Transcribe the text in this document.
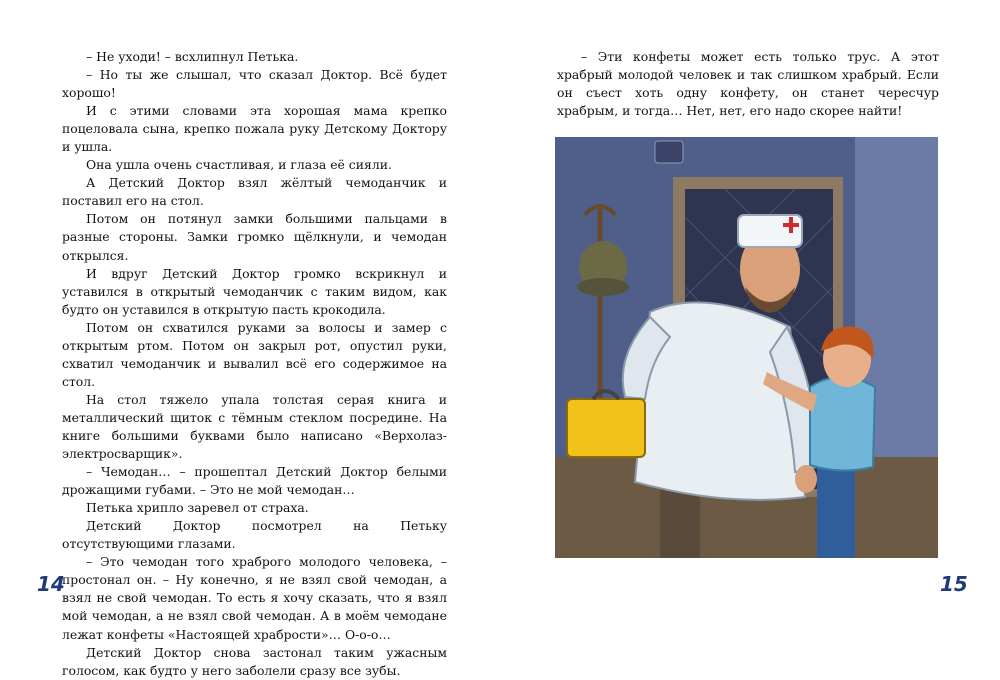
– Не уходи! – всхлипнул Петька.

– Но ты же слышал, что сказал Доктор. Всё будет хорошо!

И с этими словами эта хорошая мама крепко поцеловала сына, крепко пожала руку Детскому Доктору и ушла.

Она ушла очень счастливая, и глаза её сияли.

А Детский Доктор взял жёлтый чемоданчик и поставил его на стол.

Потом он потянул замки большими пальцами в разные стороны. Замки громко щёлкнули, и чемодан открылся.

И вдруг Детский Доктор громко вскрикнул и уставился в открытый чемоданчик с таким видом, как будто он уставился в открытую пасть крокодила.

Потом он схватился руками за волосы и замер с открытым ртом. Потом он закрыл рот, опустил руки, схватил чемоданчик и вывалил всё его содержимое на стол.

На стол тяжело упала толстая серая книга и металлический щиток с тёмным стеклом посредине. На книге большими буквами было написано «Верхолаз-электросварщик».

– Чемодан… – прошептал Детский Доктор белыми дрожащими губами. – Это не мой чемодан…

Петька хрипло заревел от страха.

Детский Доктор посмотрел на Петьку отсутствующими глазами.

– Это чемодан того храброго молодого человека, – простонал он. – Ну конечно, я не взял свой чемодан, а взял не свой чемодан. То есть я хочу сказать, что я взял мой чемодан, а не взял свой чемодан. А в моём чемодане лежат конфеты «Настоящей храбрости»… О-о-о…

Детский Доктор снова застонал таким ужасным голосом, как будто у него заболели сразу все зубы.

14

– Эти конфеты может есть только трус. А этот храбрый молодой человек и так слишком храбрый. Если он съест хоть одну конфету, он станет чересчур храбрым, и тогда… Нет, нет, его надо скорее найти!

15
